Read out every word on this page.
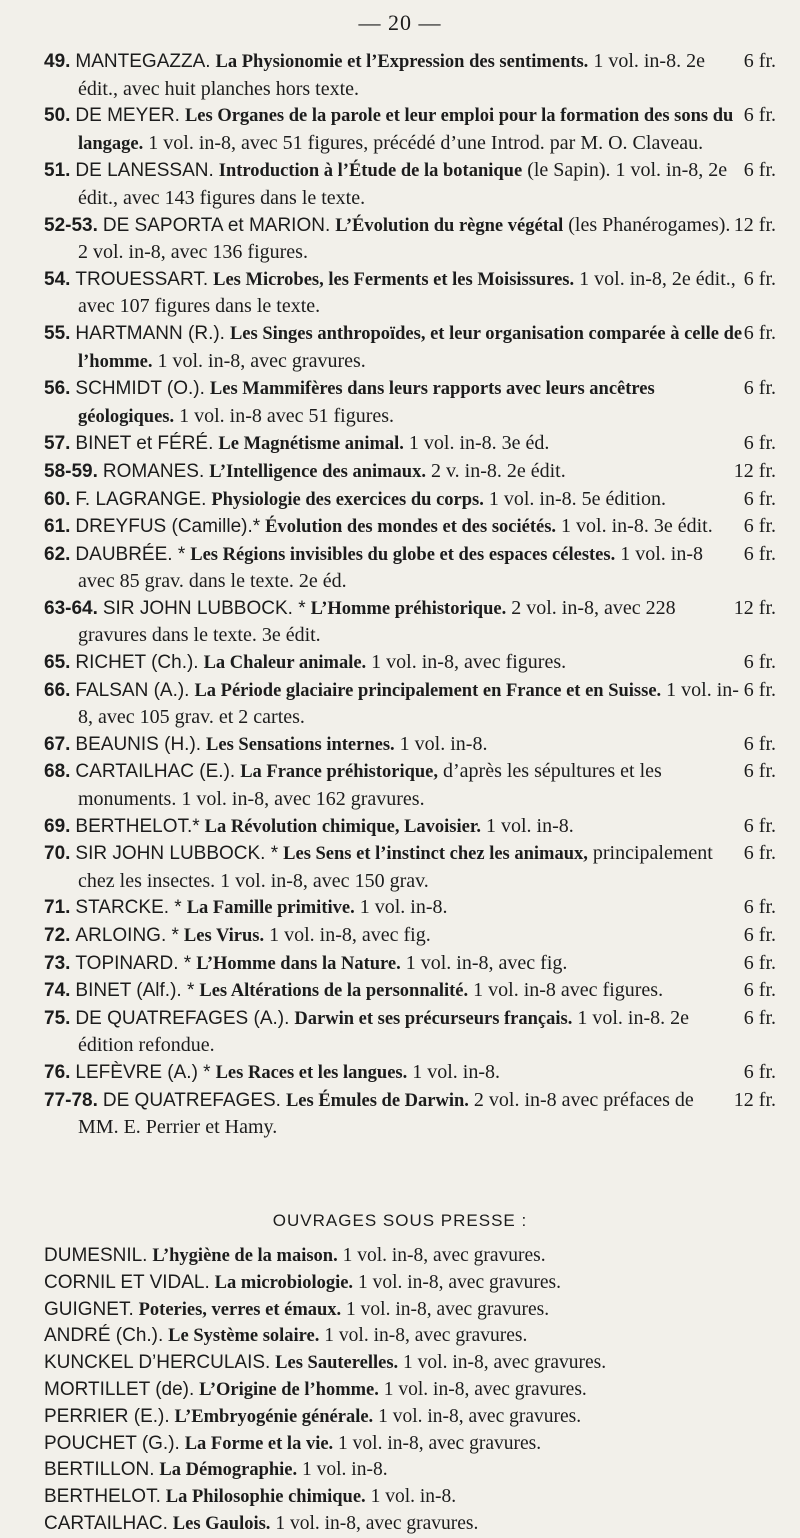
— 20 —

6 fr.
49. MANTEGAZZA. La Physionomie et l’Expression des sentiments. 1 vol. in-8. 2e édit., avec huit planches hors texte.

6 fr.
50. DE MEYER. Les Organes de la parole et leur emploi pour la formation des sons du langage. 1 vol. in-8, avec 51 figures, précédé d’une Introd. par M. O. Claveau.

6 fr.
51. DE LANESSAN. Introduction à l’Étude de la botanique (le Sapin). 1 vol. in-8, 2e édit., avec 143 figures dans le texte.

12 fr.
52-53. DE SAPORTA et MARION. L’Évolution du règne végétal (les Phanérogames). 2 vol. in-8, avec 136 figures.

6 fr.
54. TROUESSART. Les Microbes, les Ferments et les Moisissures. 1 vol. in-8, 2e édit., avec 107 figures dans le texte.

6 fr.
55. HARTMANN (R.). Les Singes anthropoïdes, et leur organisation comparée à celle de l’homme. 1 vol. in-8, avec gravures.

6 fr.
56. SCHMIDT (O.). Les Mammifères dans leurs rapports avec leurs ancêtres géologiques. 1 vol. in-8 avec 51 figures.

6 fr.
57. BINET et FÉRÉ. Le Magnétisme animal. 1 vol. in-8. 3e éd.

12 fr.
58-59. ROMANES. L’Intelligence des animaux. 2 v. in-8. 2e édit.

6 fr.
60. F. LAGRANGE. Physiologie des exercices du corps. 1 vol. in-8. 5e édition.

6 fr.
61. DREYFUS (Camille).* Évolution des mondes et des sociétés. 1 vol. in-8. 3e édit.

6 fr.
62. DAUBRÉE. * Les Régions invisibles du globe et des espaces célestes. 1 vol. in-8 avec 85 grav. dans le texte. 2e éd.

12 fr.
63-64. SIR JOHN LUBBOCK. * L’Homme préhistorique. 2 vol. in-8, avec 228 gravures dans le texte. 3e édit.

6 fr.
65. RICHET (Ch.). La Chaleur animale. 1 vol. in-8, avec figures.

6 fr.
66. FALSAN (A.). La Période glaciaire principalement en France et en Suisse. 1 vol. in-8, avec 105 grav. et 2 cartes.

6 fr.
67. BEAUNIS (H.). Les Sensations internes. 1 vol. in-8.

6 fr.
68. CARTAILHAC (E.). La France préhistorique, d’après les sépultures et les monuments. 1 vol. in-8, avec 162 gravures.

6 fr.
69. BERTHELOT.* La Révolution chimique, Lavoisier. 1 vol. in-8.

6 fr.
70. SIR JOHN LUBBOCK. * Les Sens et l’instinct chez les animaux, principalement chez les insectes. 1 vol. in-8, avec 150 grav.

6 fr.
71. STARCKE. * La Famille primitive. 1 vol. in-8.

6 fr.
72. ARLOING. * Les Virus. 1 vol. in-8, avec fig.

6 fr.
73. TOPINARD. * L’Homme dans la Nature. 1 vol. in-8, avec fig.

6 fr.
74. BINET (Alf.). * Les Altérations de la personnalité. 1 vol. in-8 avec figures.

6 fr.
75. DE QUATREFAGES (A.). Darwin et ses précurseurs français. 1 vol. in-8. 2e édition refondue.

6 fr.
76. LEFÈVRE (A.) * Les Races et les langues. 1 vol. in-8.

12 fr.
77-78. DE QUATREFAGES. Les Émules de Darwin. 2 vol. in-8 avec préfaces de MM. E. Perrier et Hamy.

OUVRAGES SOUS PRESSE :

DUMESNIL. L’hygiène de la maison. 1 vol. in-8, avec gravures.

CORNIL ET VIDAL. La microbiologie. 1 vol. in-8, avec gravures.

GUIGNET. Poteries, verres et émaux. 1 vol. in-8, avec gravures.

ANDRÉ (Ch.). Le Système solaire. 1 vol. in-8, avec gravures.

KUNCKEL D’HERCULAIS. Les Sauterelles. 1 vol. in-8, avec gravures.

MORTILLET (de). L’Origine de l’homme. 1 vol. in-8, avec gravures.

PERRIER (E.). L’Embryogénie générale. 1 vol. in-8, avec gravures.

POUCHET (G.). La Forme et la vie. 1 vol. in-8, avec gravures.

BERTILLON. La Démographie. 1 vol. in-8.

BERTHELOT. La Philosophie chimique. 1 vol. in-8.

CARTAILHAC. Les Gaulois. 1 vol. in-8, avec gravures.
